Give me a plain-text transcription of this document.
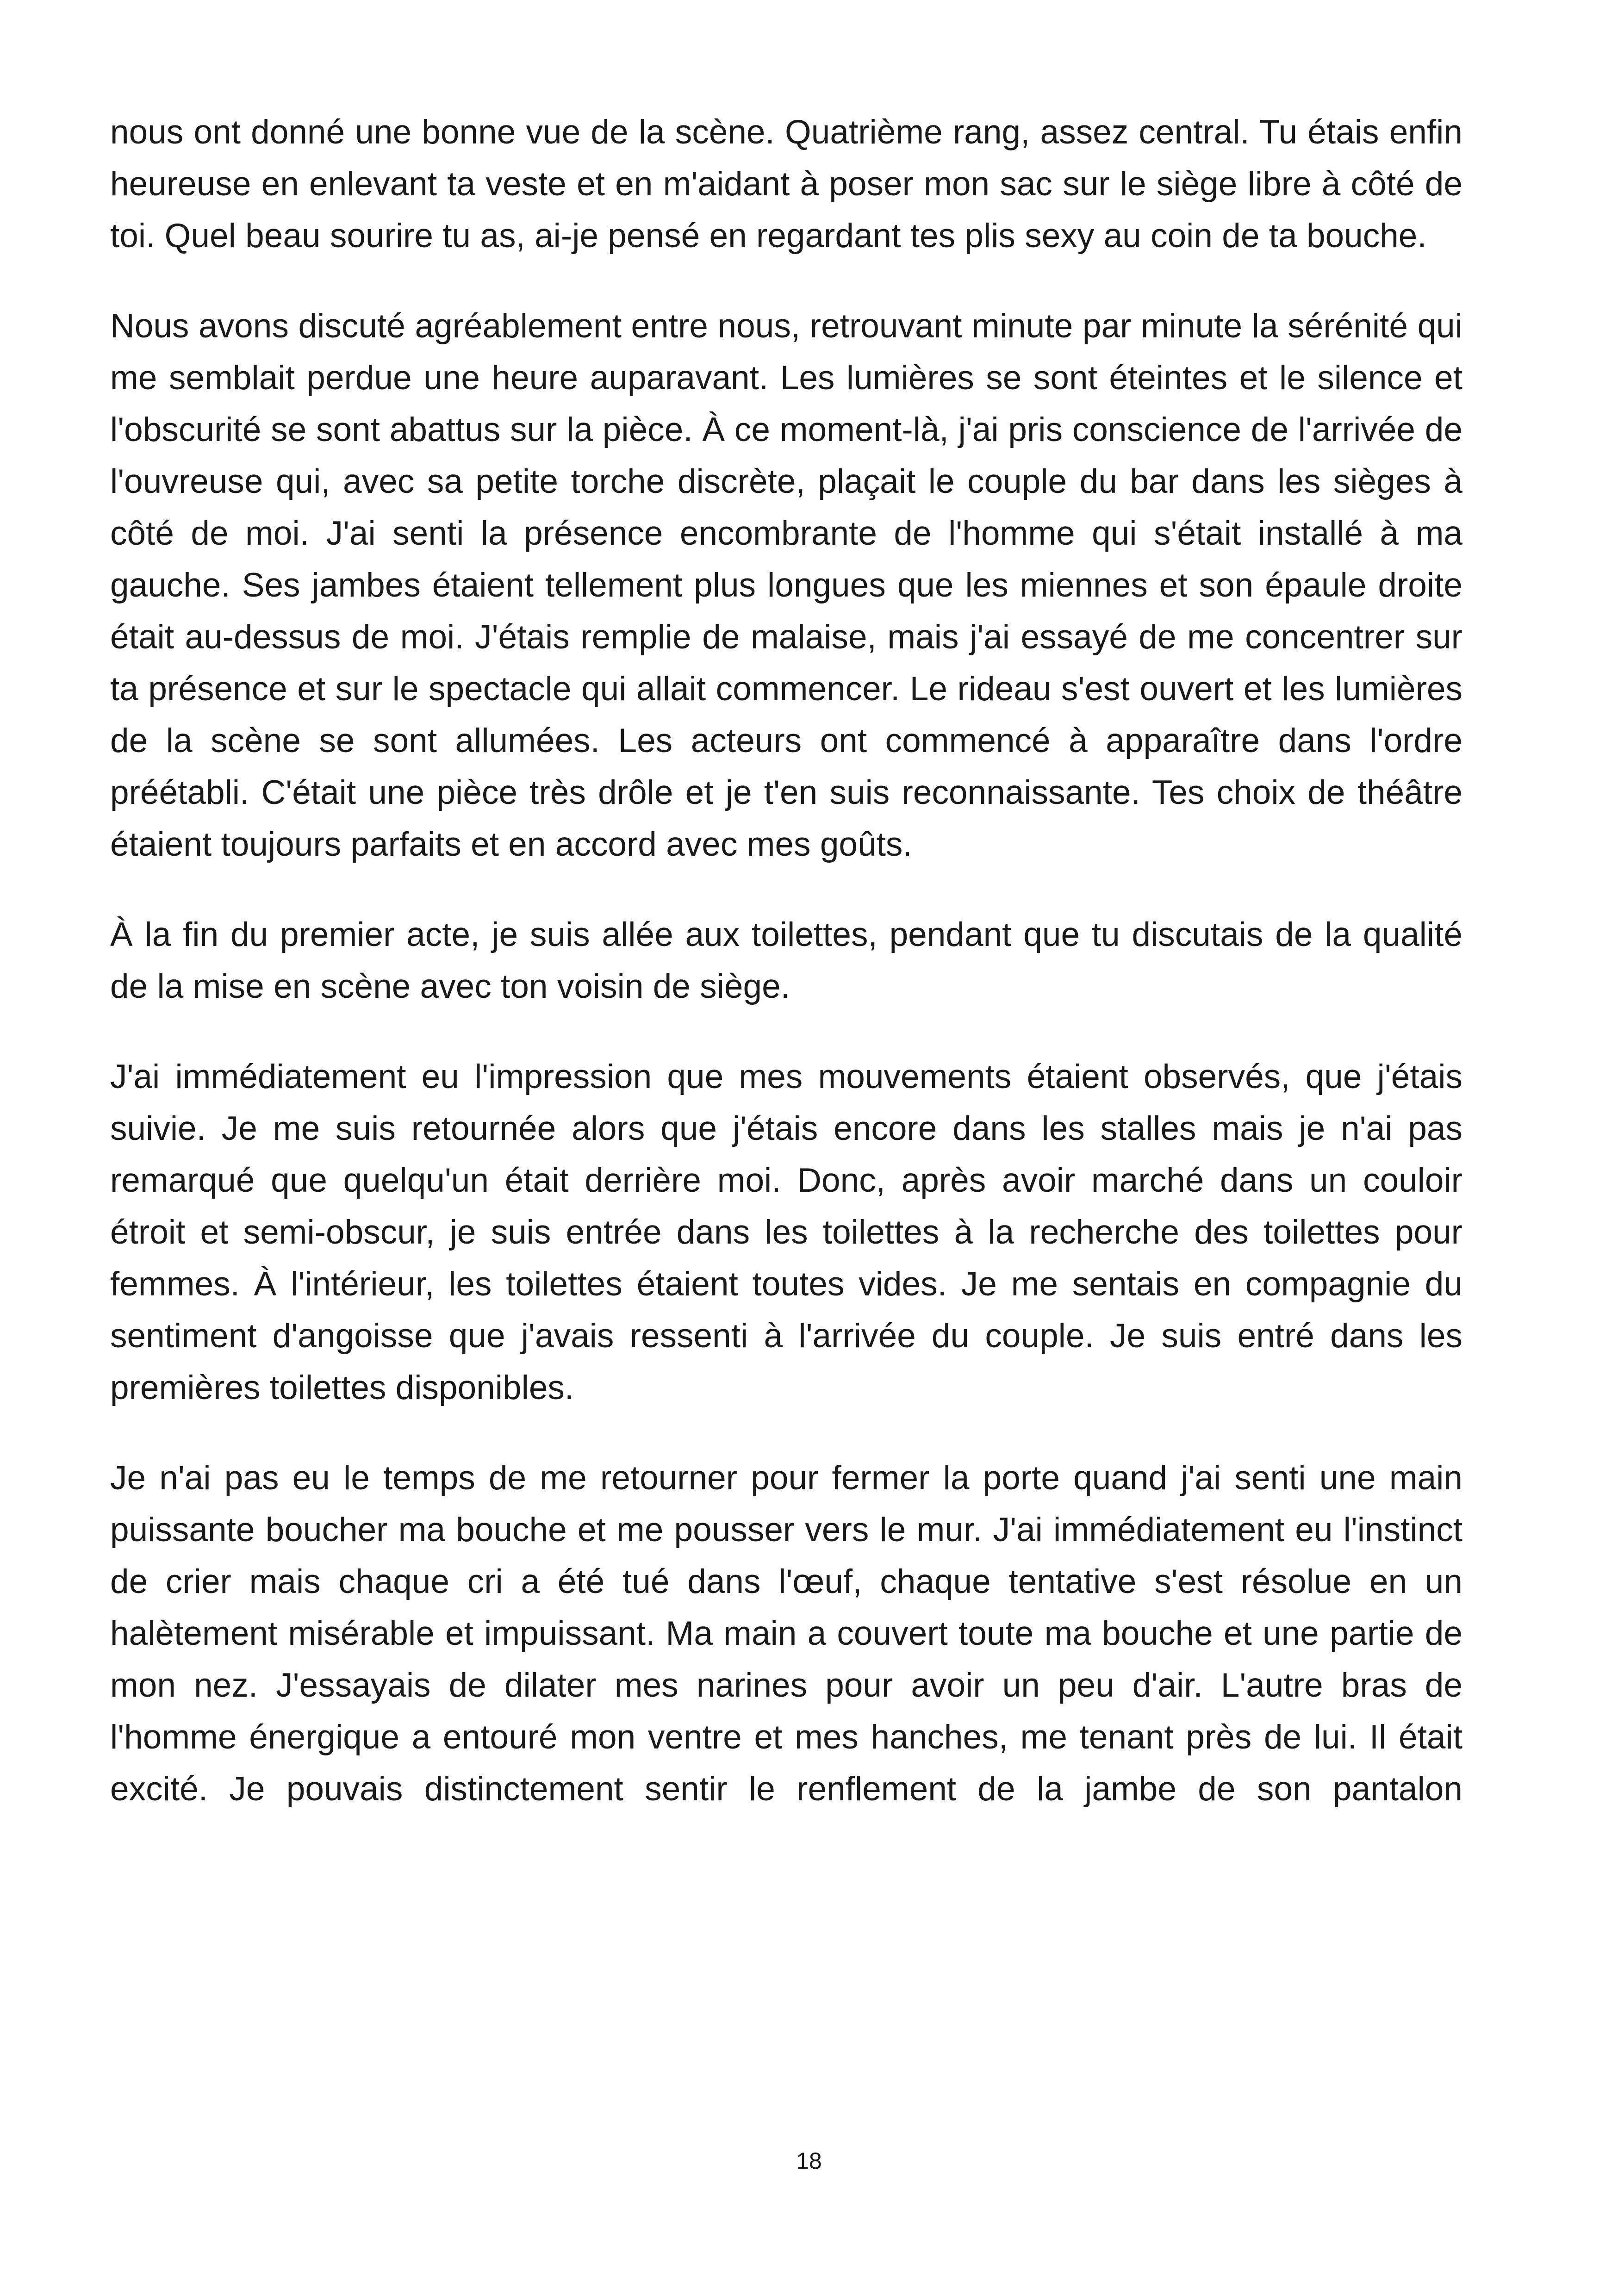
nous ont donné une bonne vue de la scène. Quatrième rang, assez central. Tu étais enfin heureuse en enlevant ta veste et en m'aidant à poser mon sac sur le siège libre à côté de toi. Quel beau sourire tu as, ai-je pensé en regardant tes plis sexy au coin de ta bouche.

Nous avons discuté agréablement entre nous, retrouvant minute par minute la sérénité qui me semblait perdue une heure auparavant. Les lumières se sont éteintes et le silence et l'obscurité se sont abattus sur la pièce. À ce moment-là, j'ai pris conscience de l'arrivée de l'ouvreuse qui, avec sa petite torche discrète, plaçait le couple du bar dans les sièges à côté de moi. J'ai senti la présence encombrante de l'homme qui s'était installé à ma gauche. Ses jambes étaient tellement plus longues que les miennes et son épaule droite était au-dessus de moi. J'étais remplie de malaise, mais j'ai essayé de me concentrer sur ta présence et sur le spectacle qui allait commencer. Le rideau s'est ouvert et les lumières de la scène se sont allumées. Les acteurs ont commencé à apparaître dans l'ordre préétabli. C'était une pièce très drôle et je t'en suis reconnaissante. Tes choix de théâtre étaient toujours parfaits et en accord avec mes goûts.

À la fin du premier acte, je suis allée aux toilettes, pendant que tu discutais de la qualité de la mise en scène avec ton voisin de siège.

J'ai immédiatement eu l'impression que mes mouvements étaient observés, que j'étais suivie. Je me suis retournée alors que j'étais encore dans les stalles mais je n'ai pas remarqué que quelqu'un était derrière moi. Donc, après avoir marché dans un couloir étroit et semi-obscur, je suis entrée dans les toilettes à la recherche des toilettes pour femmes. À l'intérieur, les toilettes étaient toutes vides. Je me sentais en compagnie du sentiment d'angoisse que j'avais ressenti à l'arrivée du couple. Je suis entré dans les premières toilettes disponibles.

Je n'ai pas eu le temps de me retourner pour fermer la porte quand j'ai senti une main puissante boucher ma bouche et me pousser vers le mur. J'ai immédiatement eu l'instinct de crier mais chaque cri a été tué dans l'œuf, chaque tentative s'est résolue en un halètement misérable et impuissant. Ma main a couvert toute ma bouche et une partie de mon nez. J'essayais de dilater mes narines pour avoir un peu d'air. L'autre bras de l'homme énergique a entouré mon ventre et mes hanches, me tenant près de lui. Il était excité. Je pouvais distinctement sentir le renflement de la jambe de son pantalon

18
